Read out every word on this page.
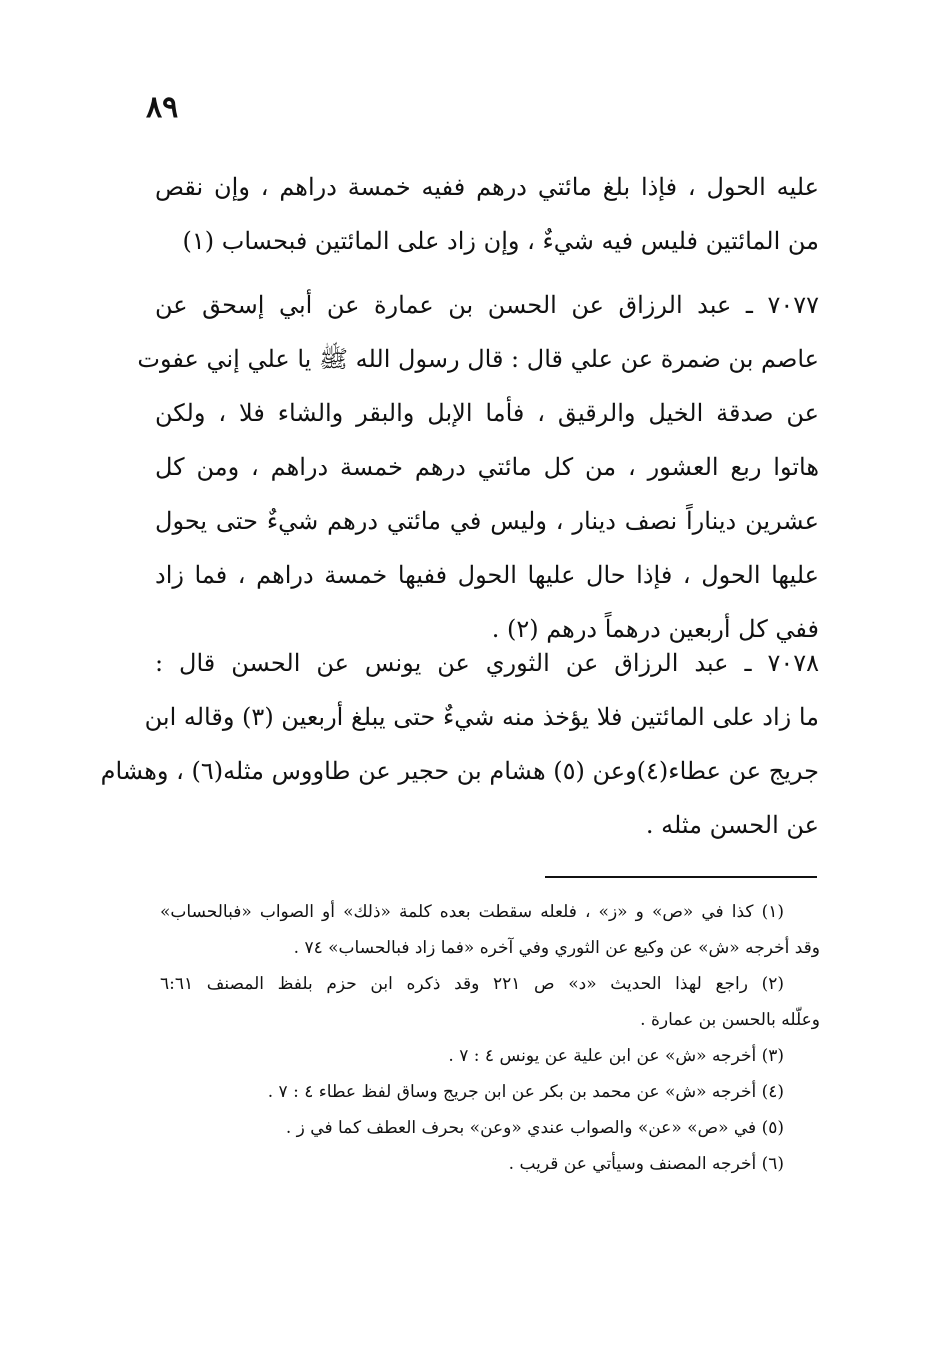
٨٩
عليه الحول ، فإذا بلغ مائتي درهم ففيه خمسة دراهم ، وإن نقص
من المائتين فليس فيه شيءٌ ، وإن زاد على المائتين فبحساب (١)
٧٠٧٧ ـ عبد الرزاق عن الحسن بن عمارة عن أبي إسحق عن
عاصم بن ضمرة عن علي قال : قال رسول الله ﷺ يا علي إني عفوت
عن صدقة الخيل والرقيق ، فأما الإبل والبقر والشاء فلا ، ولكن
هاتوا ربع العشور ، من كل مائتي درهم خمسة دراهم ، ومن كل
عشرين ديناراً نصف دينار ، وليس في مائتي درهم شيءٌ حتى يحول
عليها الحول ، فإذا حال عليها الحول ففيها خمسة دراهم ، فما زاد
ففي كل أربعين درهماً درهم (٢) .
٧٠٧٨ ـ عبد الرزاق عن الثوري عن يونس عن الحسن قال :
ما زاد على المائتين فلا يؤخذ منه شيءٌ حتى يبلغ أربعين (٣) وقاله ابن
جريج عن عطاء(٤)وعن (٥) هشام بن حجير عن طاووس مثله(٦) ، وهشام
عن الحسن مثله .
(١) كذا في «ص» و «ز» ، فلعله سقطت بعده كلمة «ذلك» أو الصواب «فبالحساب»
وقد أخرجه «ش» عن وكيع عن الثوري وفي آخره «فما زاد فبالحساب» ٧٤ .
(٢) راجع لهذا الحديث «د» ص ٢٢١ وقد ذكره ابن حزم بلفظ المصنف ٦:٦١
وعلّله بالحسن بن عمارة .
(٣) أخرجه «ش» عن ابن علية عن يونس ٤ : ٧ .
(٤) أخرجه «ش» عن محمد بن بكر عن ابن جريج وساق لفظ عطاء ٤ : ٧ .
(٥) في «ص» «عن» والصواب عندي «وعن» بحرف العطف كما في ز .
(٦) أخرجه المصنف وسيأتي عن قريب .
